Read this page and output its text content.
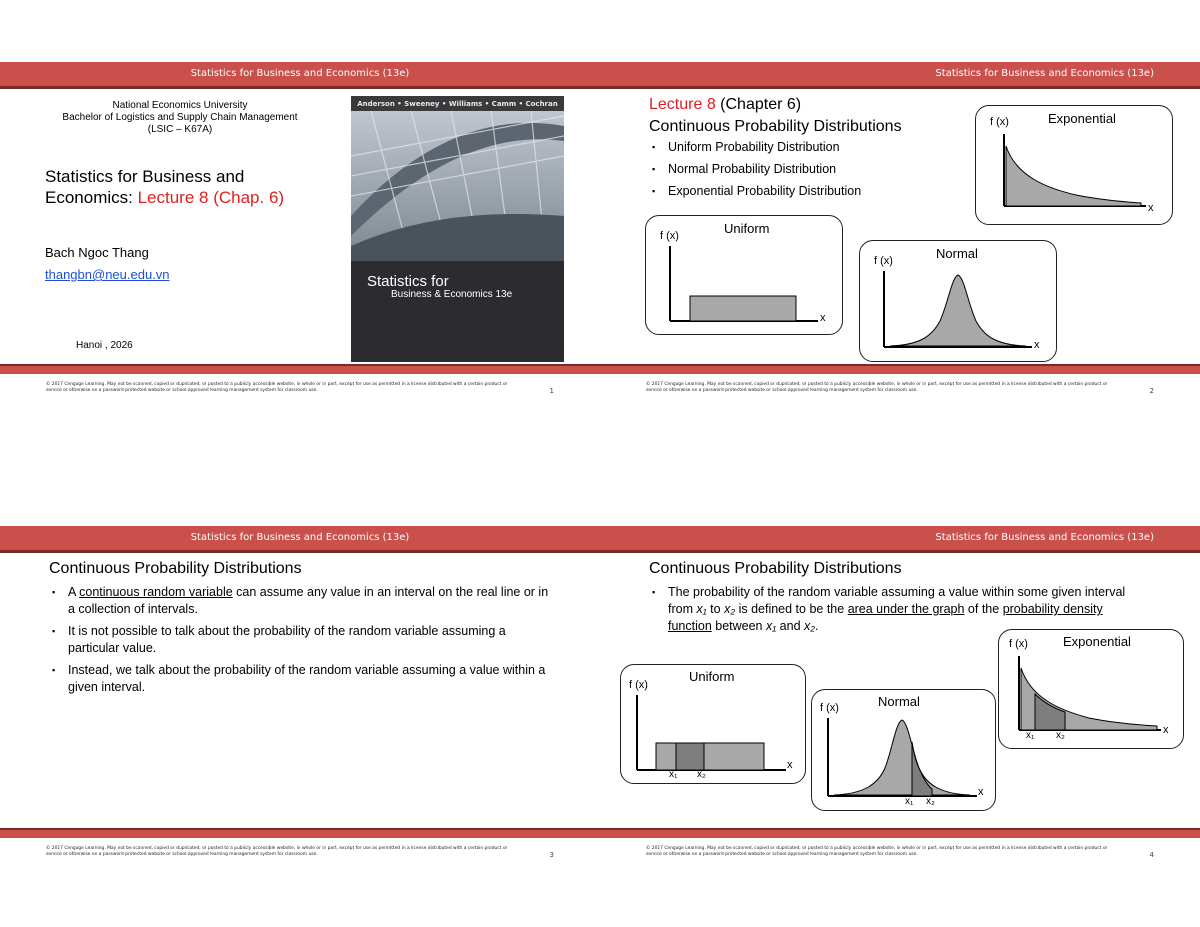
Statistics for Business and Economics (13e)
National Economics University
Bachelor of Logistics and Supply Chain Management
(LSIC – K67A)
Statistics for Business and
Economics: Lecture 8 (Chap. 6)
Bach Ngoc Thang
thangbn@neu.edu.vn
Hanoi , 2026
Anderson • Sweeney • Williams • Camm • Cochran
Statistics for
Business & Economics 13e
© 2017 Cengage Learning. May not be scanned, copied or duplicated, or posted to a publicly accessible website, in whole or in part, except for use as permitted in a license distributed with a certain product or service or otherwise on a password-protected website or school-approved learning management system for classroom use.	1
Statistics for Business and Economics (13e)
Lecture 8 (Chapter 6)
Continuous Probability Distributions
▪ Uniform Probability Distribution
▪ Normal Probability Distribution
▪ Exponential Probability Distribution
f (x)	Uniform
x
f (x)	Normal
x
f (x)	Exponential
x
© 2017 Cengage Learning. May not be scanned, copied or duplicated, or posted to a publicly accessible website, in whole or in part, except for use as permitted in a license distributed with a certain product or service or otherwise on a password-protected website or school-approved learning management system for classroom use.	2
Statistics for Business and Economics (13e)
Continuous Probability Distributions
▪ A continuous random variable can assume any value in an interval on the real line or in a collection of intervals.
▪ It is not possible to talk about the probability of the random variable assuming a particular value.
▪ Instead, we talk about the probability of the random variable assuming a value within a given interval.
© 2017 Cengage Learning. May not be scanned, copied or duplicated, or posted to a publicly accessible website, in whole or in part, except for use as permitted in a license distributed with a certain product or service or otherwise on a password-protected website or school-approved learning management system for classroom use.	3
Statistics for Business and Economics (13e)
Continuous Probability Distributions
▪ The probability of the random variable assuming a value within some given interval from x₁ to x₂ is defined to be the area under the graph of the probability density function between x₁ and x₂.
f (x)
Uniform
x
x₁ x₂
f (x)	Normal
x
x₁ x₂
f (x)	Exponential
x
x₁ x₂
© 2017 Cengage Learning. May not be scanned, copied or duplicated, or posted to a publicly accessible website, in whole or in part, except for use as permitted in a license distributed with a certain product or service or otherwise on a password-protected website or school-approved learning management system for classroom use.	4
